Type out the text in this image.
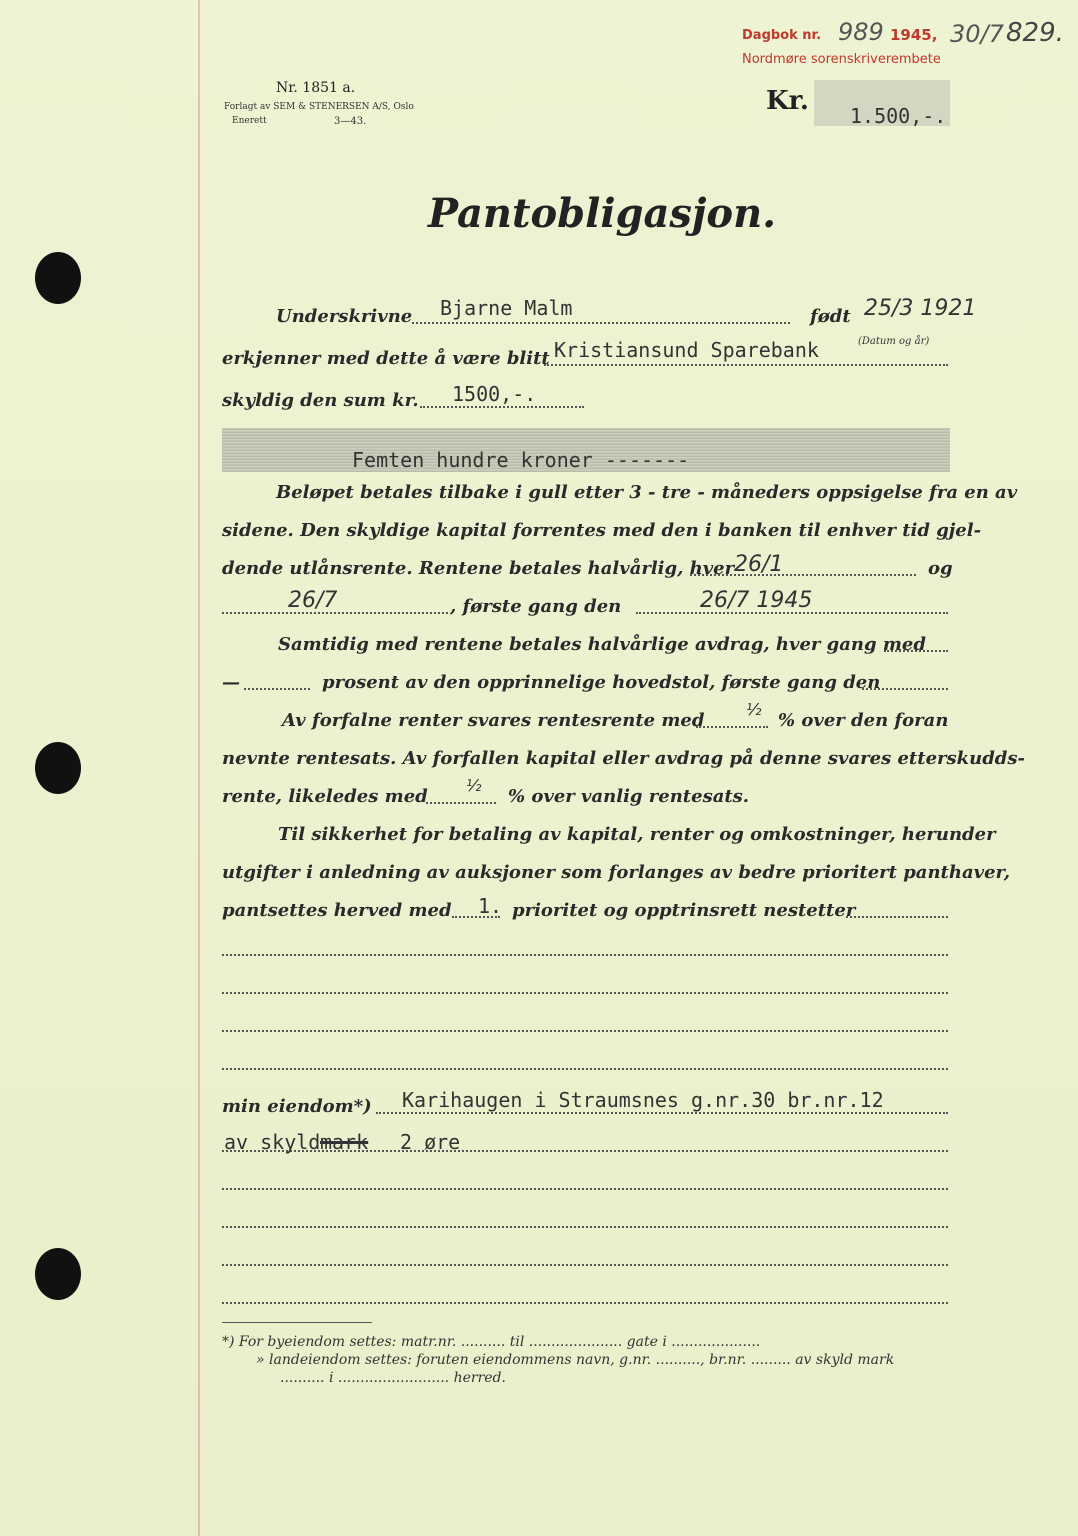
Dagbok nr. 989 1945, 30/7 829.
Nordmøre sorenskriverembete
Nr. 1851 a.
Forlagt av SEM & STENERSEN A/S, Oslo
Enerett	3—43.
Kr. 1.500,-.
Pantobligasjon.
Underskrivne Bjarne Malm	født 25/3 1921
(Datum og år)
erkjenner med dette å være blitt Kristiansund Sparebank
skyldig den sum kr. 1500,-.
Femten hundre kroner -------
Beløpet betales tilbake i gull etter 3 - tre - måneders oppsigelse fra en av
sidene. Den skyldige kapital forrentes med den i banken til enhver tid gjel-
dende utlånsrente. Rentene betales halvårlig, hver 26/1	og
26/7	, første gang den	26/7 1945
Samtidig med rentene betales halvårlige avdrag, hver gang med
—	prosent av den opprinnelige hovedstol, første gang den
Av forfalne renter svares rentesrente med
½
% over den foran
nevnte rentesats. Av forfallen kapital eller avdrag på denne svares etterskudds-
rente, likeledes med
½
% over vanlig rentesats.
Til sikkerhet for betaling av kapital, renter og omkostninger, herunder
utgifter i anledning av auksjoner som forlanges av bedre prioritert panthaver,
pantsettes herved med 1. prioritet og opptrinsrett nestetter
min eiendom*) Karihaugen i Straumsnes g.nr.30 br.nr.12
av skyld mark 2 øre
*) For byeiendom settes: matr.nr. .......... til ..................... gate i ....................
» landeiendom settes: foruten eiendommens navn, g.nr. .........., br.nr. ......... av skyld mark
.......... i ......................... herred.
